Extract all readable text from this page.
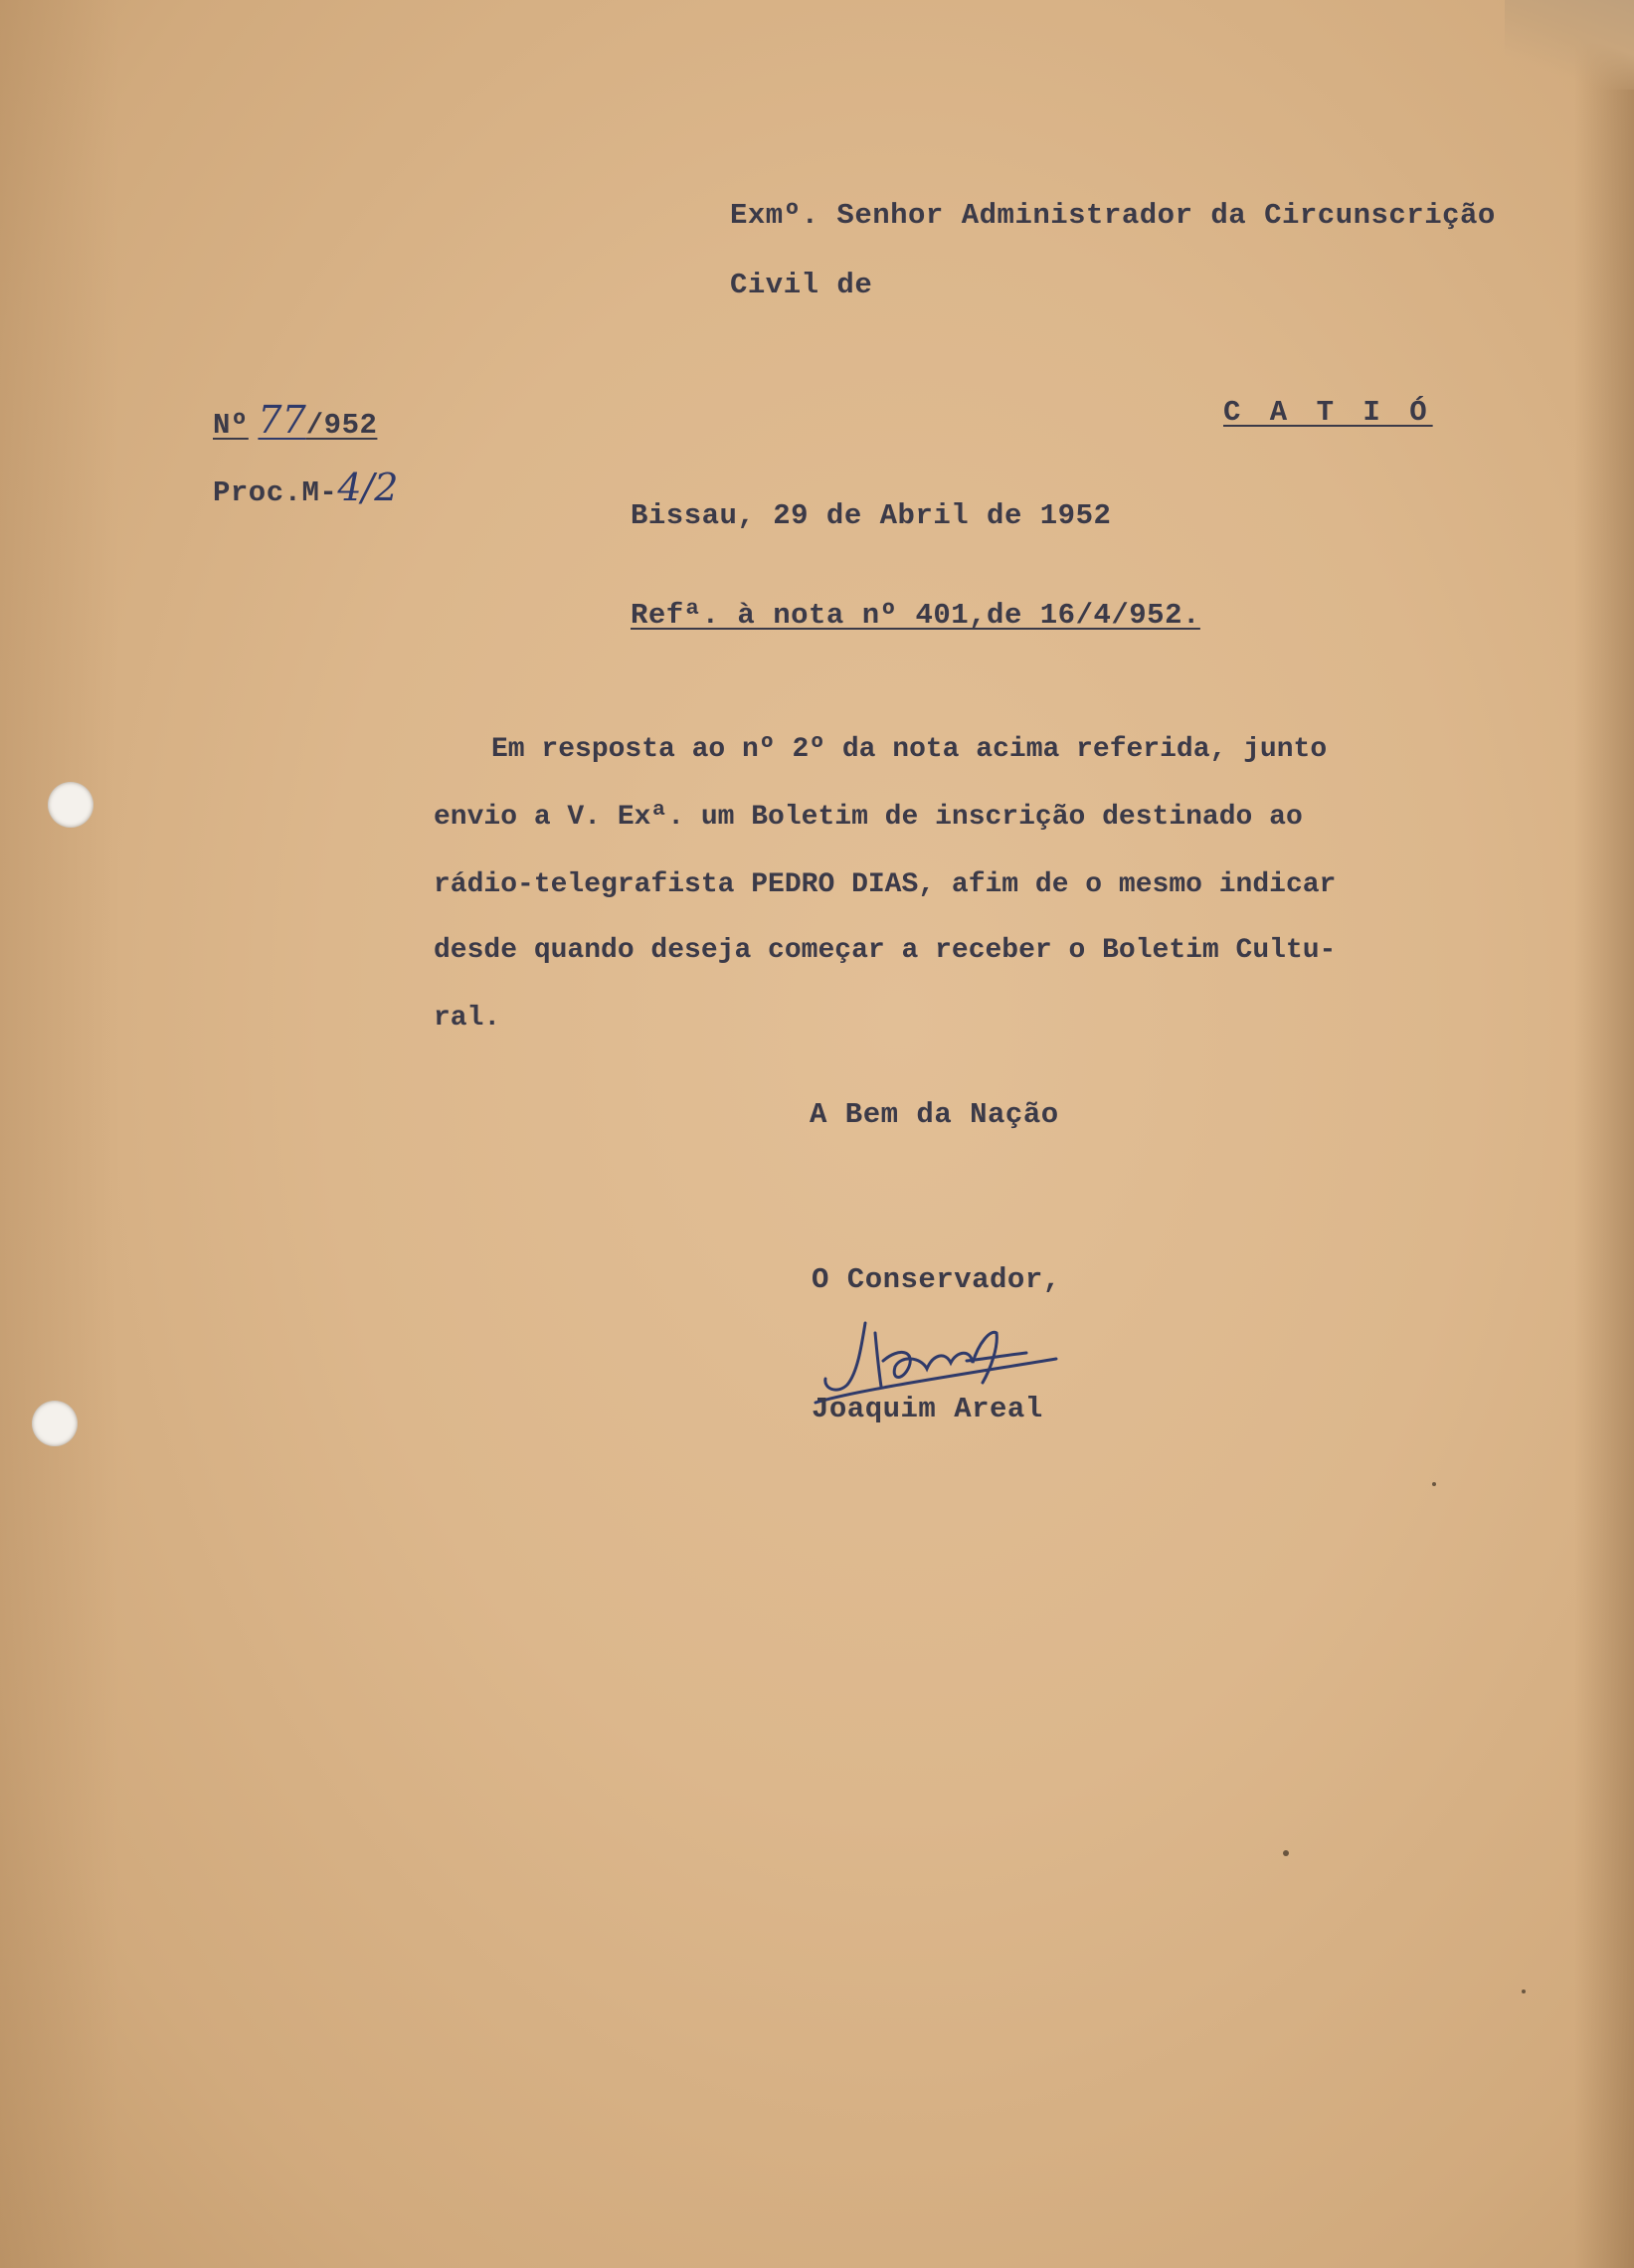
Exmº. Senhor Administrador da Circunscrição
Civil de
C A T I Ó
Nº 77/952
Proc.M-4/2
Bissau, 29 de Abril de 1952
Refª. à nota nº 401,de 16/4/952.
Em resposta ao nº 2º da nota acima referida, junto
envio a V. Exª. um Boletim de inscrição destinado ao
rádio-telegrafista PEDRO DIAS, afim de o mesmo indicar
desde quando deseja começar a receber o Boletim Cultu-
ral.
A Bem da Nação
O Conservador,
Joaquim Areal
